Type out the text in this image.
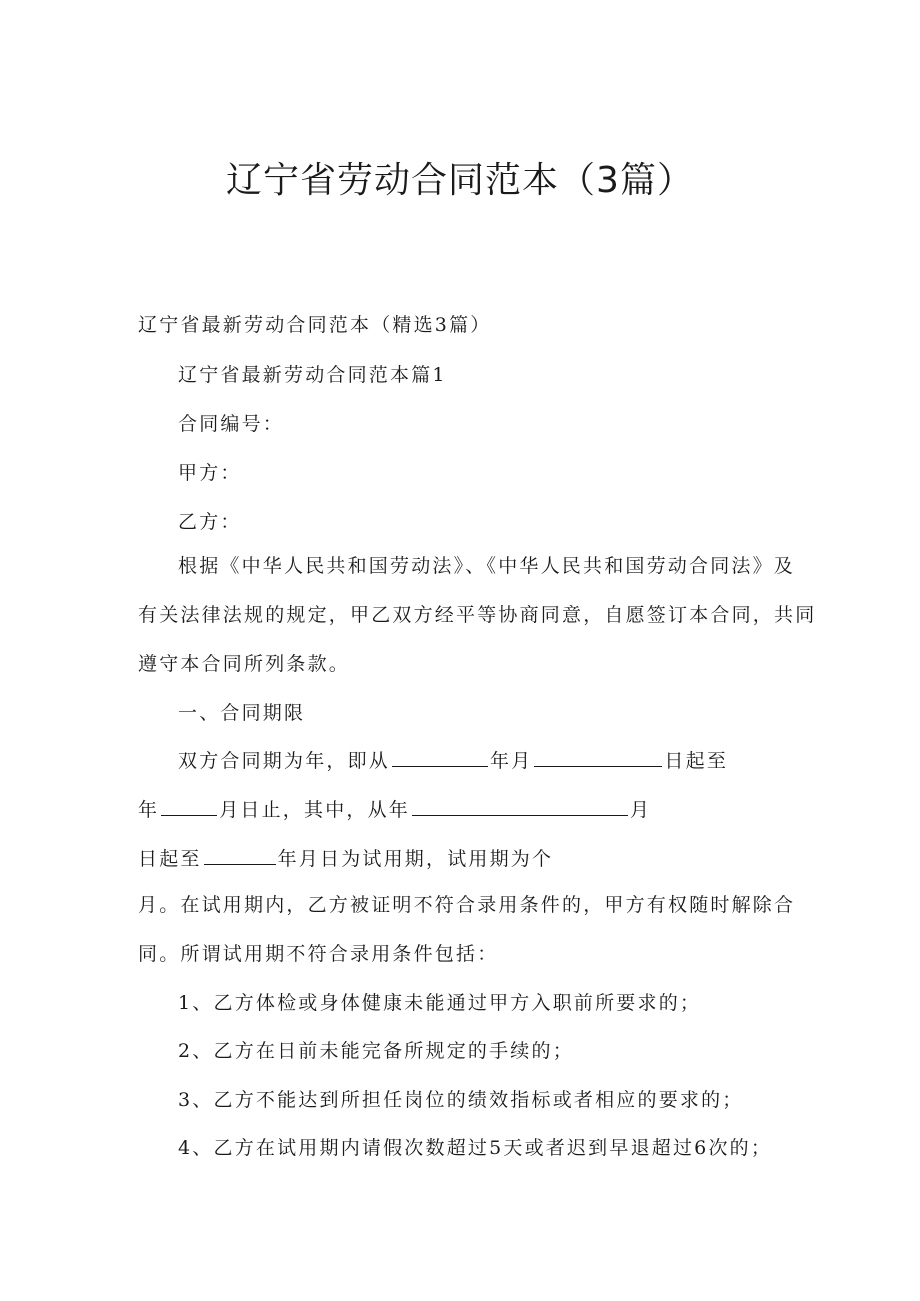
辽宁省劳动合同范本（3篇）
辽宁省最新劳动合同范本（精选3篇）
辽宁省最新劳动合同范本篇1
合同编号：
甲方：
乙方：
根据《中华人民共和国劳动法》、《中华人民共和国劳动合同法》及
有关法律法规的规定，甲乙双方经平等协商同意，自愿签订本合同，共同
遵守本合同所列条款。
一、合同期限
双方合同期为年，即从	年月	日起至
年	月日止，其中，从年	月
日起至	年月日为试用期，试用期为个
月。在试用期内，乙方被证明不符合录用条件的，甲方有权随时解除合
同。所谓试用期不符合录用条件包括：
1、乙方体检或身体健康未能通过甲方入职前所要求的；
2、乙方在日前未能完备所规定的手续的；
3、乙方不能达到所担任岗位的绩效指标或者相应的要求的；
4、乙方在试用期内请假次数超过5天或者迟到早退超过6次的；
